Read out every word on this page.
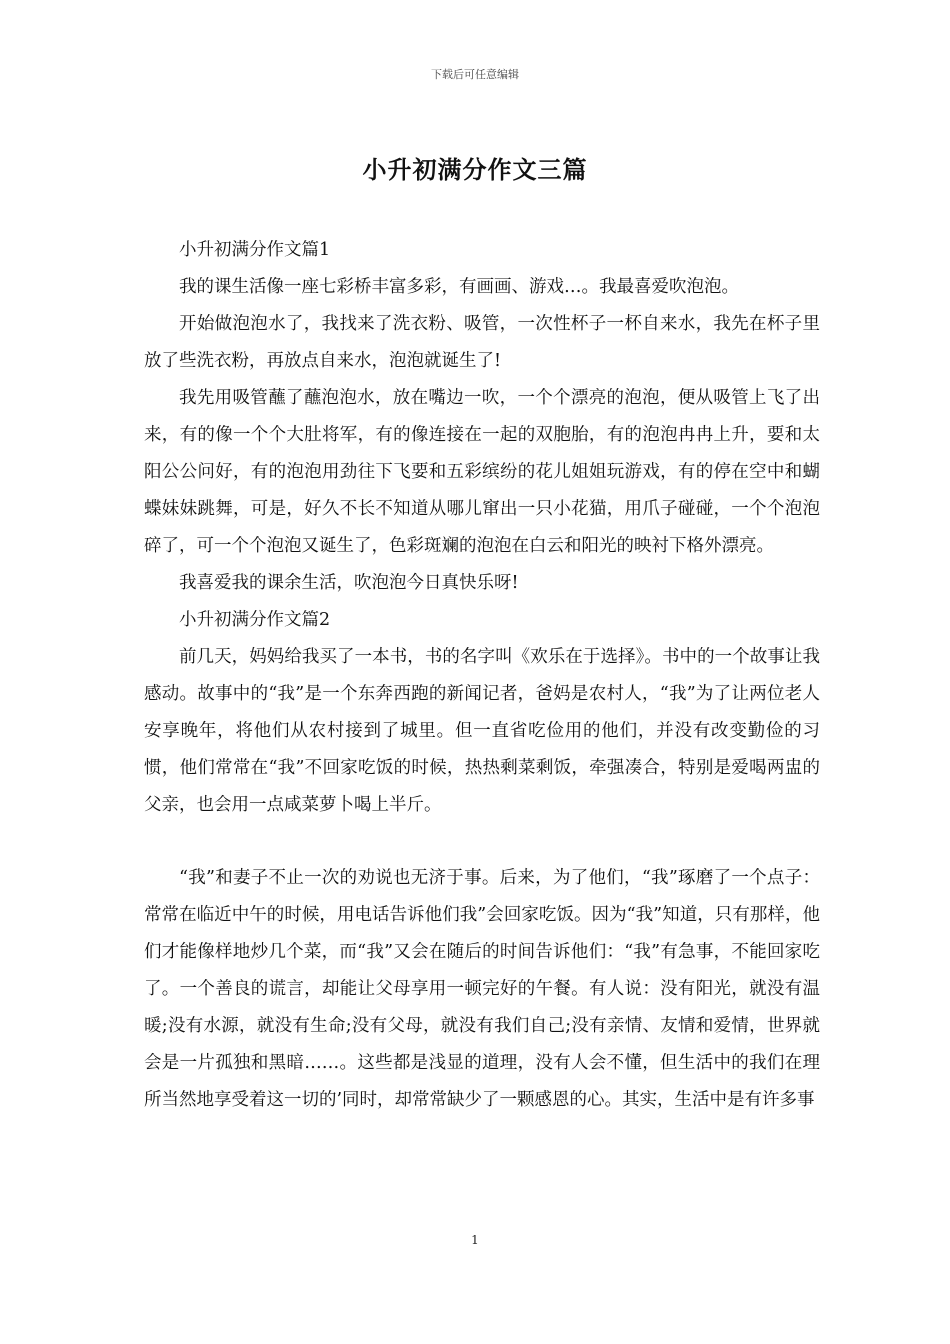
下载后可任意编辑
小升初满分作文三篇

小升初满分作文篇1

我的课生活像一座七彩桥丰富多彩，有画画、游戏…。我最喜爱吹泡泡。

开始做泡泡水了，我找来了洗衣粉、吸管，一次性杯子一杯自来水，我先在杯子里放了些洗衣粉，再放点自来水，泡泡就诞生了!

我先用吸管蘸了蘸泡泡水，放在嘴边一吹，一个个漂亮的泡泡，便从吸管上飞了出来，有的像一个个大肚将军，有的像连接在一起的双胞胎，有的泡泡冉冉上升，要和太阳公公问好，有的泡泡用劲往下飞要和五彩缤纷的花儿姐姐玩游戏，有的停在空中和蝴蝶妹妹跳舞，可是，好久不长不知道从哪儿窜出一只小花猫，用爪子碰碰，一个个泡泡碎了，可一个个泡泡又诞生了，色彩斑斓的泡泡在白云和阳光的映衬下格外漂亮。

我喜爱我的课余生活，吹泡泡今日真快乐呀!

小升初满分作文篇2

前几天，妈妈给我买了一本书，书的名字叫《欢乐在于选择》。书中的一个故事让我感动。故事中的“我”是一个东奔西跑的新闻记者，爸妈是农村人，“我”为了让两位老人安享晚年，将他们从农村接到了城里。但一直省吃俭用的他们，并没有改变勤俭的习惯，他们常常在“我”不回家吃饭的时候，热热剩菜剩饭，牵强凑合，特别是爱喝两盅的父亲，也会用一点咸菜萝卜喝上半斤。

“我”和妻子不止一次的劝说也无济于事。后来，为了他们，“我”琢磨了一个点子：常常在临近中午的时候，用电话告诉他们我”会回家吃饭。因为“我”知道，只有那样，他们才能像样地炒几个菜，而“我”又会在随后的时间告诉他们：“我”有急事，不能回家吃了。一个善良的谎言，却能让父母享用一顿完好的午餐。有人说：没有阳光，就没有温暖;没有水源，就没有生命;没有父母，就没有我们自己;没有亲情、友情和爱情，世界就会是一片孤独和黑暗……。这些都是浅显的道理，没有人会不懂，但生活中的我们在理所当然地享受着这一切的’同时，却常常缺少了一颗感恩的心。其实，生活中是有许多事

1
